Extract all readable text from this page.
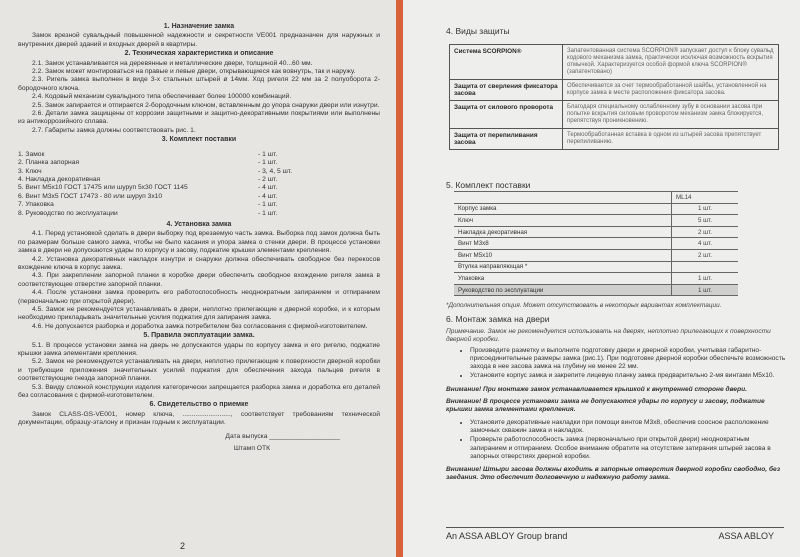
1. Назначение замка

Замок врезной сувальдный повышенной надежности и секретности VE001 предназначен для наружных и внутренних дверей зданий и входных дверей в квартиры.

2. Техническая характеристика и описание

2.1. Замок устанавливается на деревянные и металлические двери, толщиной 40...60 мм.

2.2. Замок может монтироваться на правые и левые двери, открывающиеся как вовнутрь, так и наружу.

2.3. Ригель замка выполнен в виде 3-х стальных штырей ø 14мм. Ход ригеля 22 мм за 2 полуоборота 2-бородочного ключа.

2.4. Кодовый механизм сувальдного типа обеспечивает более 100000 комбинаций.

2.5. Замок запирается и отпирается 2-бородочным ключом, вставленным до упора снаружи двери или изнутри.

2.6. Детали замка защищены от коррозии защитными и защитно-декоративными покрытиями или выполнены из антикоррозийного сплава.

2.7. Габариты замка должны соответствовать рис. 1.

3. Комплект поставки
1. Замок	- 1 шт.
2. Планка запорная	- 1 шт.
3. Ключ	- 3, 4, 5 шт.
4. Накладка декоративная	- 2 шт.
5. Винт М5х10 ГОСТ 17475 или шуруп 5х30 ГОСТ 1145	- 4 шт.
6. Винт М3х5 ГОСТ 17473 - 80 или шуруп 3х10	- 4 шт.
7. Упаковка	- 1 шт.
8. Руководство по эксплуатации	- 1 шт.
4. Установка замка

4.1. Перед установкой сделать в двери выборку под врезаемую часть замка. Выборка под замок должна быть по размерам больше самого замка, чтобы не было касания и упора замка о стенки двери. В процессе установки замка в двери не допускаются удары по корпусу и засову, поджатие крышки элементами крепления.

4.2. Установка декоративных накладок изнутри и снаружи должна обеспечивать свободное без перекосов вхождение ключа в корпус замка.

4.3. При закреплении запорной планки в коробке двери обеспечить свободное вхождение ригеля замка в соответствующее отверстие запорной планки.

4.4. После установки замка проверить его работоспособность неоднократным запиранием и отпиранием (первоначально при открытой двери).

4.5. Замок не рекомендуется устанавливать в двери, неплотно прилегающие к дверной коробке, и к которым необходимо прикладывать значительные усилия поджатия для запирания замка.

4.6. Не допускается разборка и доработка замка потребителем без согласования с фирмой-изготовителем.

5. Правила эксплуатации замка.

5.1. В процессе установки замка на дверь не допускаются удары по корпусу замка и его ригелю, поджатие крышки замка элементами крепления.

5.2. Замок не рекомендуется устанавливать на двери, неплотно прилегающие к поверхности дверной коробки и требующие приложения значительных усилий поджатия для обеспечения захода пальцев ригеля в соответствующие гнезда запорной планки.

5.3. Ввиду сложной конструкции изделия категорически запрещается разборка замка и доработка его деталей без согласования с фирмой-изготовителем.

6. Свидетельство о приемке

Замок CLASS-GS-VE001, номер ключа, .........................., соответствует требованиям технической документации, образцу-эталону и признан годным к эксплуатации.

Дата выпуска ___________________
Штамп ОТК
2
4. Виды защиты
Система SCORPION®	Запатентованная система SCORPION® запускает доступ к блоку сувальд кодового механизма замка, практически исключая возможность вскрытия отмычкой. Характеризуется особой формой ключа SCORPION® (запатентовано)
Защита от сверления фиксатора засова	Обеспечивается за счет термообработанной шайбы, установленной на корпусе замка в месте расположения фиксатора засова.
Защита от силового проворота	Благодаря специальному ослабленному зубу в основании засова при попытке вскрытия силовым проворотом механизм замка блокируется, препятствуя проникновению.
Защита от перепиливания засова	Термообработанная вставка в одном из штырей засова препятствует перепиливанию.
5. Комплект поставки
	ML14
Корпус замка	1 шт.
Ключ	5 шт.
Накладка декоративная	2 шт.
Винт М3х8	4 шт.
Винт М5х10	2 шт.
Втулка направляющая *	
Упаковка	1 шт.
Руководство по эксплуатации	1 шт.
*Дополнительная опция. Может отсутствовать в некоторых вариантах комплектации.
6. Монтаж замка на двери

Примечание. Замок не рекомендуется использовать на дверях, неплотно прилегающих к поверхности дверной коробки.

• Произведите разметку и выполните подготовку двери и дверной коробки, учитывая габаритно-присоединительные размеры замка (рис.1). При подготовке дверной коробки обеспечьте возможность захода в нее засова замка на глубину не менее 22 мм.
• Установите корпус замка и закрепите лицевую планку замка предварительно 2-мя винтами М5х10.

Внимание! При монтаже замок устанавливается крышкой к внутренней стороне двери.

Внимание! В процессе установки замка не допускаются удары по корпусу и засову, поджатие крышки замка элементами крепления.

• Установите декоративные накладки при помощи винтов М3х8, обеспечив соосное расположение замочных скважин замка и накладок.
• Проверьте работоспособность замка (первоначально при открытой двери) неоднократным запиранием и отпиранием. Особое внимание обратите на отсутствие затирания штырей засова в запорных отверстиях дверной коробки.

Внимание! Штыри засова должны входить в запорные отверстия дверной коробки свободно, без заедания. Это обеспечит долговечную и надежную работу замка.

An ASSA ABLOY Group brand	ASSA ABLOY
